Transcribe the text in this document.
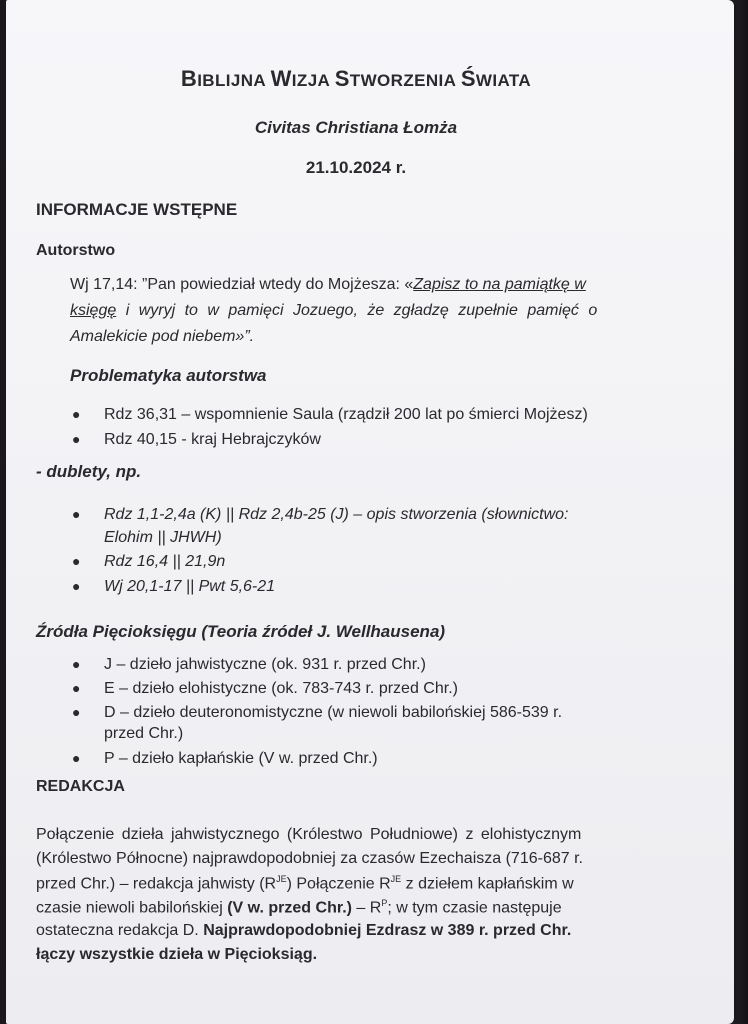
BIBLIJNA WIZJA STWORZENIA ŚWIATA
Civitas Christiana Łomża
21.10.2024 r.
INFORMACJE WSTĘPNE
Autorstwo
Wj 17,14: ”Pan powiedział wtedy do Mojżesza: «Zapisz to na pamiątkę w
księgę i wyryj to w pamięci Jozuego, że zgładzę zupełnie pamięć o
Amalekicie pod niebem»”.
Problematyka autorstwa
● Rdz 36,31 – wspomnienie Saula (rządził 200 lat po śmierci Mojżesz)
● Rdz 40,15 - kraj Hebrajczyków
- dublety, np.
● Rdz 1,1-2,4a (K) || Rdz 2,4b-25 (J) – opis stworzenia (słownictwo:
Elohim || JHWH)
● Rdz 16,4 || 21,9n
● Wj 20,1-17 || Pwt 5,6-21
Źródła Pięcioksięgu (Teoria źródeł J. Wellhausena)
● J – dzieło jahwistyczne (ok. 931 r. przed Chr.)
● E – dzieło elohistyczne (ok. 783-743 r. przed Chr.)
● D – dzieło deuteronomistyczne (w niewoli babilońskiej 586-539 r.
przed Chr.)
● P – dzieło kapłańskie (V w. przed Chr.)
REDAKCJA
Połączenie dzieła jahwistycznego (Królestwo Południowe) z elohistycznym
(Królestwo Północne) najprawdopodobniej za czasów Ezechaisza (716-687 r.
przed Chr.) – redakcja jahwisty $(R^{JE})$ Połączenie $R^{JE}$ z dziełem kapłańskim w
czasie niewoli babilońskiej (V w. przed $Chr.) - R^P$; w tym czasie następuje
ostateczna redakcja D. Najprawdopodobniej Ezdrasz w 389 r. przed Chr.
łączy wszystkie dzieła w Pięcioksiąg.
